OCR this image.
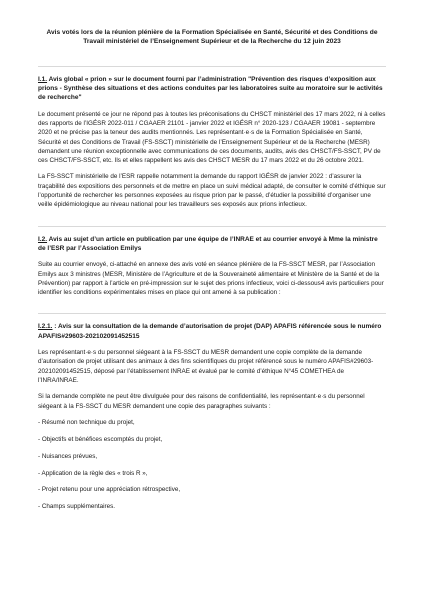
Avis votés lors de la réunion plénière de la Formation Spécialisée en Santé, Sécurité et des Conditions de
Travail ministériel de l’Enseignement Supérieur et de la Recherche du 12 juin 2023
I.1. Avis global « prion » sur le document fourni par l’administration "Prévention des risques d’exposition aux prions - Synthèse des situations et des actions conduites par les laboratoires suite au moratoire sur le activités de recherche"

Le document présenté ce jour ne répond pas à toutes les préconisations du CHSCT ministériel des 17 mars 2022, ni à celles des rapports de l’IGÉSR 2022-011 / CGAAER 21101 - janvier 2022 et IGÉSR n° 2020-123 / CGAAER 19081 - septembre 2020 et ne précise pas la teneur des audits mentionnés. Les représentant·e·s de la Formation Spécialisée en Santé, Sécurité et des Conditions de Travail (FS-SSCT) ministérielle de l’Enseignement Supérieur et de la Recherche (MESR) demandent une réunion exceptionnelle avec communications de ces documents, audits, avis des CHSCT/FS-SSCT, PV de ces CHSCT/FS-SSCT, etc. Ils et elles rappellent les avis des CHSCT MESR du 17 mars 2022 et du 26 octobre 2021.

La FS-SSCT ministérielle de l’ESR rappelle notamment la demande du rapport IGÉSR de janvier 2022 : d’assurer la traçabilité des expositions des personnels et de mettre en place un suivi médical adapté, de consulter le comité d’éthique sur l’opportunité de rechercher les personnes exposées au risque prion par le passé, d’étudier la possibilité d’organiser une veille épidémiologique au niveau national pour les travailleurs ses exposés aux prions infectieux.

I.2. Avis au sujet d’un article en publication par une équipe de l’INRAE et au courrier envoyé à Mme la ministre de l’ESR par l’Association Emilys

Suite au courrier envoyé, ci-attaché en annexe des avis voté en séance plénière de la FS-SSCT MESR, par l’Association Emilys aux 3 ministres (MESR, Ministère de l’Agriculture et de la Souveraineté alimentaire et Ministère de la Santé et de la Prévention) par rapport à l’article en pré-impression sur le sujet des prions infectieux, voici ci-dessous4 avis particuliers pour identifier les conditions expérimentales mises en place qui ont amené à sa publication :

I.2.1. : Avis sur la consultation de la demande d’autorisation de projet (DAP) APAFIS référencée sous le numéro APAFIS#29603-202102091452515

Les représentant·e·s du personnel siégeant à la FS-SSCT du MESR demandent une copie complète de la demande d’autorisation de projet utilisant des animaux à des fins scientifiques du projet référencé sous le numéro APAFIS#29603-202102091452515, déposé par l’établissement INRAE et évalué par le comité d’éthique N°45 COMETHEA de l’INRA/INRAE.

Si la demande complète ne peut être divulguée pour des raisons de confidentialité, les représentant·e·s du personnel siégeant à la FS-SSCT du MESR demandent une copie des paragraphes suivants :

- Résumé non technique du projet,
- Objectifs et bénéfices escomptés du projet,
- Nuisances prévues,
- Application de la règle des « trois R »,
- Projet retenu pour une appréciation rétrospective,
- Champs supplémentaires.
